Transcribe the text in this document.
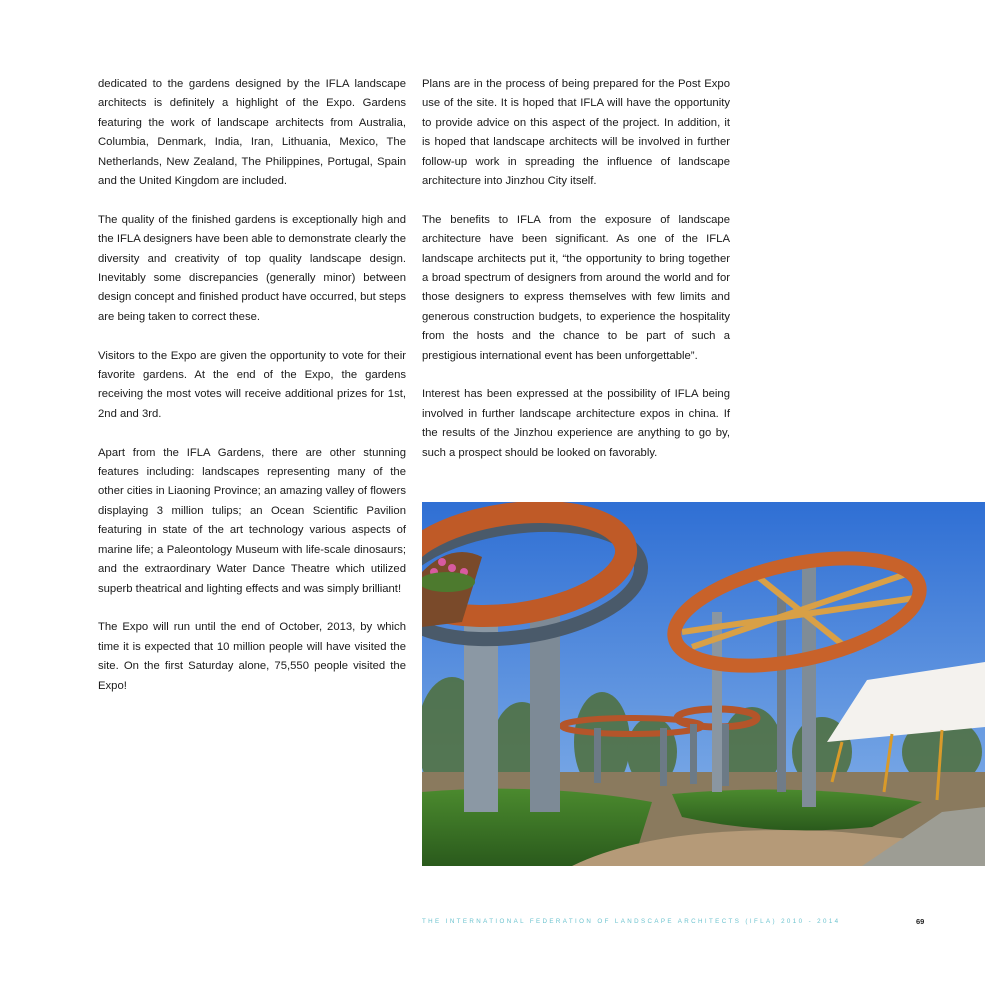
dedicated to the gardens designed by the IFLA landscape architects is definitely a highlight of the Expo. Gardens featuring the work of landscape architects from Australia, Columbia, Denmark, India, Iran, Lithuania, Mexico, The Netherlands, New Zealand, The Philippines, Portugal, Spain and the United Kingdom are included.

The quality of the finished gardens is exceptionally high and the IFLA designers have been able to demonstrate clearly the diversity and creativity of top quality landscape design. Inevitably some discrepancies (generally minor) between design concept and finished product have occurred, but steps are being taken to correct these.

Visitors to the Expo are given the opportunity to vote for their favorite gardens. At the end of the Expo, the gardens receiving the most votes will receive additional prizes for 1st, 2nd and 3rd.

Apart from the IFLA Gardens, there are other stunning features including: landscapes representing many of the other cities in Liaoning Province; an amazing valley of flowers displaying 3 million tulips; an Ocean Scientific Pavilion featuring in state of the art technology various aspects of marine life; a Paleontology Museum with life-scale dinosaurs; and the extraordinary Water Dance Theatre which utilized superb theatrical and lighting effects and was simply brilliant!

The Expo will run until the end of October, 2013, by which time it is expected that 10 million people will have visited the site. On the first Saturday alone, 75,550 people visited the Expo!

Plans are in the process of being prepared for the Post Expo use of the site. It is hoped that IFLA will have the opportunity to provide advice on this aspect of the project. In addition, it is hoped that landscape architects will be involved in further follow-up work in spreading the influence of landscape architecture into Jinzhou City itself.

The benefits to IFLA from the exposure of landscape architecture have been significant. As one of the IFLA landscape architects put it, “the opportunity to bring together a broad spectrum of designers from around the world and for those designers to express themselves with few limits and generous construction budgets, to experience the hospitality from the hosts and the chance to be part of such a prestigious international event has been unforgettable”.

Interest has been expressed at the possibility of IFLA being involved in further landscape architecture expos in china. If the results of the Jinzhou experience are anything to go by, such a prospect should be looked on favorably.

THE INTERNATIONAL FEDERATION OF LANDSCAPE ARCHITECTS (IFLA) 2010 - 2014	69
